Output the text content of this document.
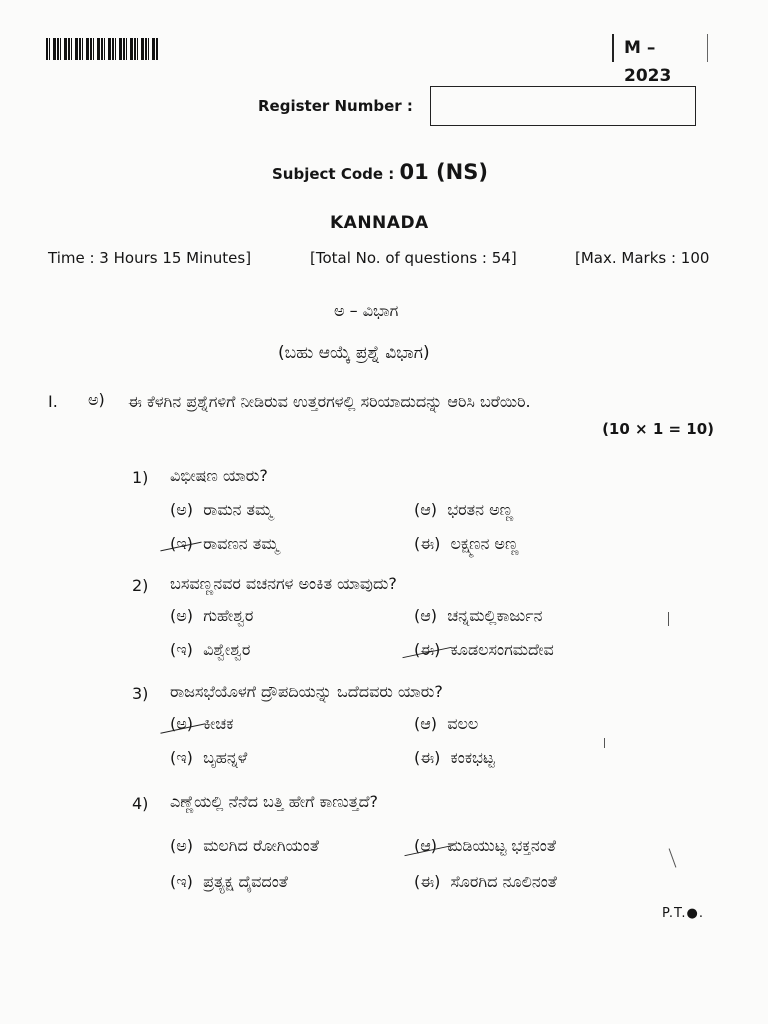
M – 2023
Register Number :
Subject Code : 01 (NS)
KANNADA
Time : 3 Hours 15 Minutes]	[Total No. of questions : 54]	[Max. Marks : 100
ಅ – ವಿಭಾಗ
(ಬಹು ಆಯ್ಕೆ ಪ್ರಶ್ನೆ ವಿಭಾಗ)
I. ಅ) ಈ ಕೆಳಗಿನ ಪ್ರಶ್ನೆಗಳಿಗೆ ನೀಡಿರುವ ಉತ್ತರಗಳಲ್ಲಿ ಸರಿಯಾದುದನ್ನು ಆರಿಸಿ ಬರೆಯಿರಿ.
(10 × 1 = 10)
1) ವಿಭೀಷಣ ಯಾರು?
(ಅ) ರಾಮನ ತಮ್ಮ	(ಆ) ಭರತನ ಅಣ್ಣ
(ಇ) ರಾವಣನ ತಮ್ಮ	(ಈ) ಲಕ್ಷ್ಮಣನ ಅಣ್ಣ
2) ಬಸವಣ್ಣನವರ ವಚನಗಳ ಅಂಕಿತ ಯಾವುದು?
(ಅ) ಗುಹೇಶ್ವರ	(ಆ) ಚನ್ನಮಲ್ಲಿಕಾರ್ಜುನ
(ಇ) ವಿಶ್ವೇಶ್ವರ	(ಈ) ಕೂಡಲಸಂಗಮದೇವ
3) ರಾಜಸಭೆಯೊಳಗೆ ದ್ರೌಪದಿಯನ್ನು ಒದೆದವರು ಯಾರು?
(ಅ) ಕೀಚಕ	(ಆ) ವಲಲ
(ಇ) ಬೃಹನ್ನಳೆ	(ಈ) ಕಂಕಭಟ್ಟ
4) ಎಣ್ಣೆಯಲ್ಲಿ ನೆನೆದ ಬತ್ತಿ ಹೇಗೆ ಕಾಣುತ್ತದೆ?
(ಅ) ಮಲಗಿದ ರೋಗಿಯಂತೆ	(ಆ) ಮಡಿಯುಟ್ಟ ಭಕ್ತನಂತೆ
(ಇ) ಪ್ರತ್ಯಕ್ಷ ದೈವದಂತೆ	(ಈ) ಸೊರಗಿದ ನೂಲಿನಂತೆ
P.T.●.
